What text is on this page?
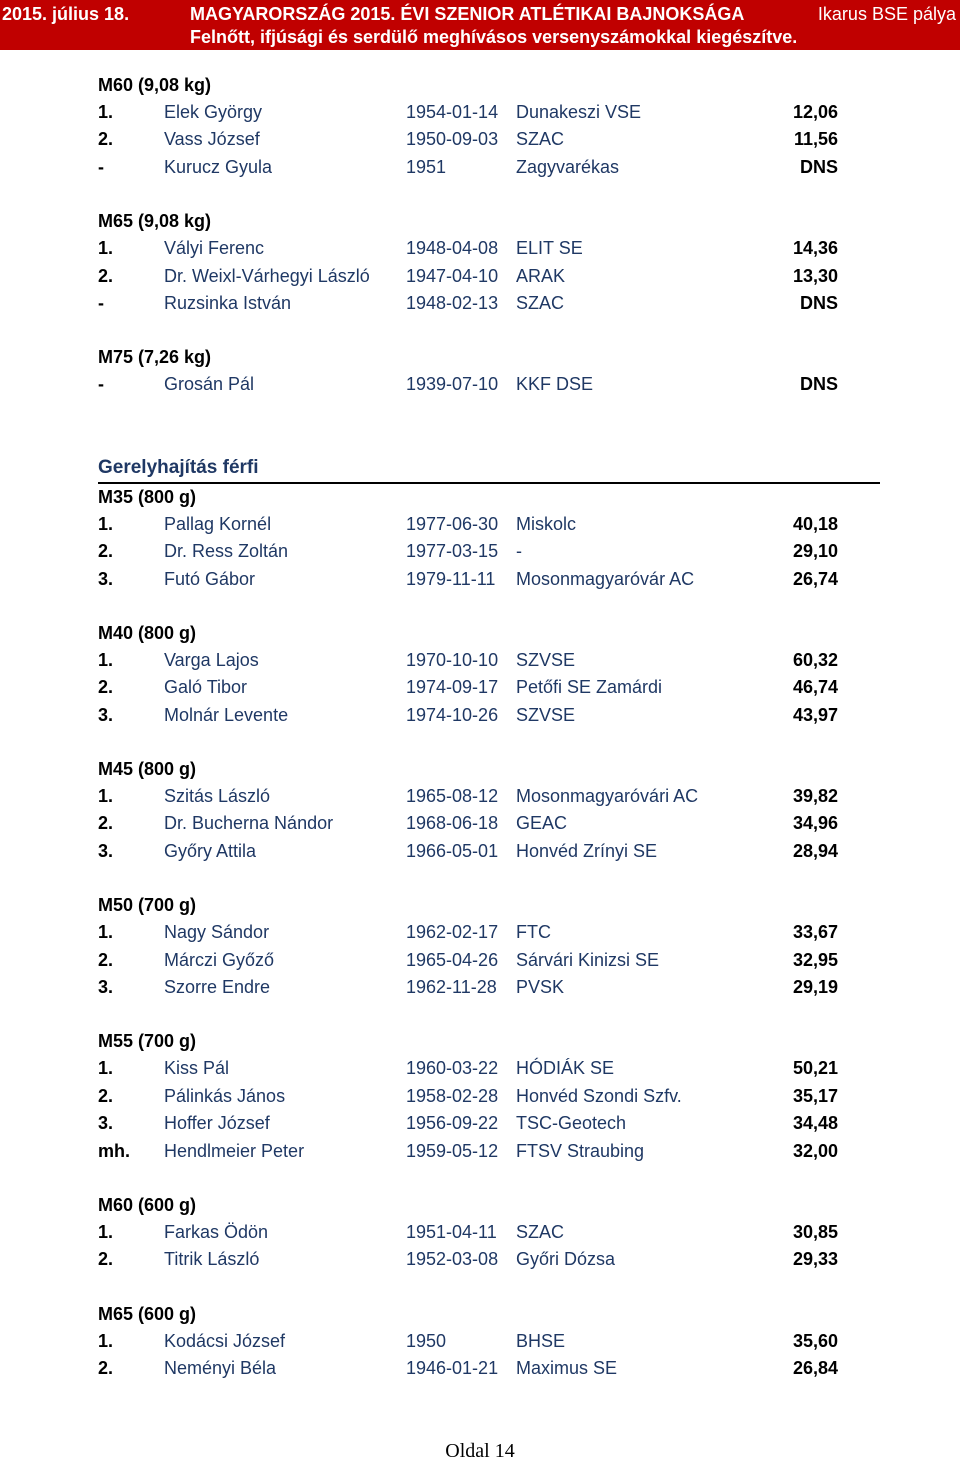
2015. július 18.	MAGYARORSZÁG 2015. ÉVI SZENIOR ATLÉTIKAI BAJNOKSÁGA	Ikarus BSE pálya
Felnőtt, ifjúsági és serdülő meghívásos versenyszámokkal kiegészítve.
M60 (9,08 kg)
1.	Elek György	1954-01-14 Dunakeszi VSE	12,06
2.	Vass József	1950-09-03 SZAC	11,56
-	Kurucz Gyula	1951	Zagyvarékas	DNS
M65 (9,08 kg)
1.	Vályi Ferenc	1948-04-08 ELIT SE	14,36
2.	Dr. Weixl-Várhegyi László 1947-04-10 ARAK	13,30
-	Ruzsinka István	1948-02-13 SZAC	DNS
M75 (7,26 kg)
-	Grosán Pál	1939-07-10 KKF DSE	DNS
Gerelyhajítás férfi
M35 (800 g)
1.	Pallag Kornél	1977-06-30 Miskolc	40,18
2.	Dr. Ress Zoltán	1977-03-15 -	29,10
3.	Futó Gábor	1979-11-11 Mosonmagyaróvár AC	26,74
M40 (800 g)
1.	Varga Lajos	1970-10-10 SZVSE	60,32
2.	Galó Tibor	1974-09-17 Petőfi SE Zamárdi	46,74
3.	Molnár Levente	1974-10-26 SZVSE	43,97
M45 (800 g)
1.	Szitás László	1965-08-12 Mosonmagyaróvári AC	39,82
2.	Dr. Bucherna Nándor	1968-06-18 GEAC	34,96
3.	Győry Attila	1966-05-01 Honvéd Zrínyi SE	28,94
M50 (700 g)
1.	Nagy Sándor	1962-02-17 FTC	33,67
2.	Márczi Győző	1965-04-26 Sárvári Kinizsi SE	32,95
3.	Szorre Endre	1962-11-28 PVSK	29,19
M55 (700 g)
1.	Kiss Pál	1960-03-22 HÓDIÁK SE	50,21
2.	Pálinkás János	1958-02-28 Honvéd Szondi Szfv.	35,17
3.	Hoffer József	1956-09-22 TSC-Geotech	34,48
mh. Hendlmeier Peter	1959-05-12 FTSV Straubing	32,00
M60 (600 g)
1.	Farkas Ödön	1951-04-11 SZAC	30,85
2.	Titrik László	1952-03-08 Győri Dózsa	29,33
M65 (600 g)
1.	Kodácsi József	1950	BHSE	35,60
2.	Neményi Béla	1946-01-21 Maximus SE	26,84
Oldal 14
